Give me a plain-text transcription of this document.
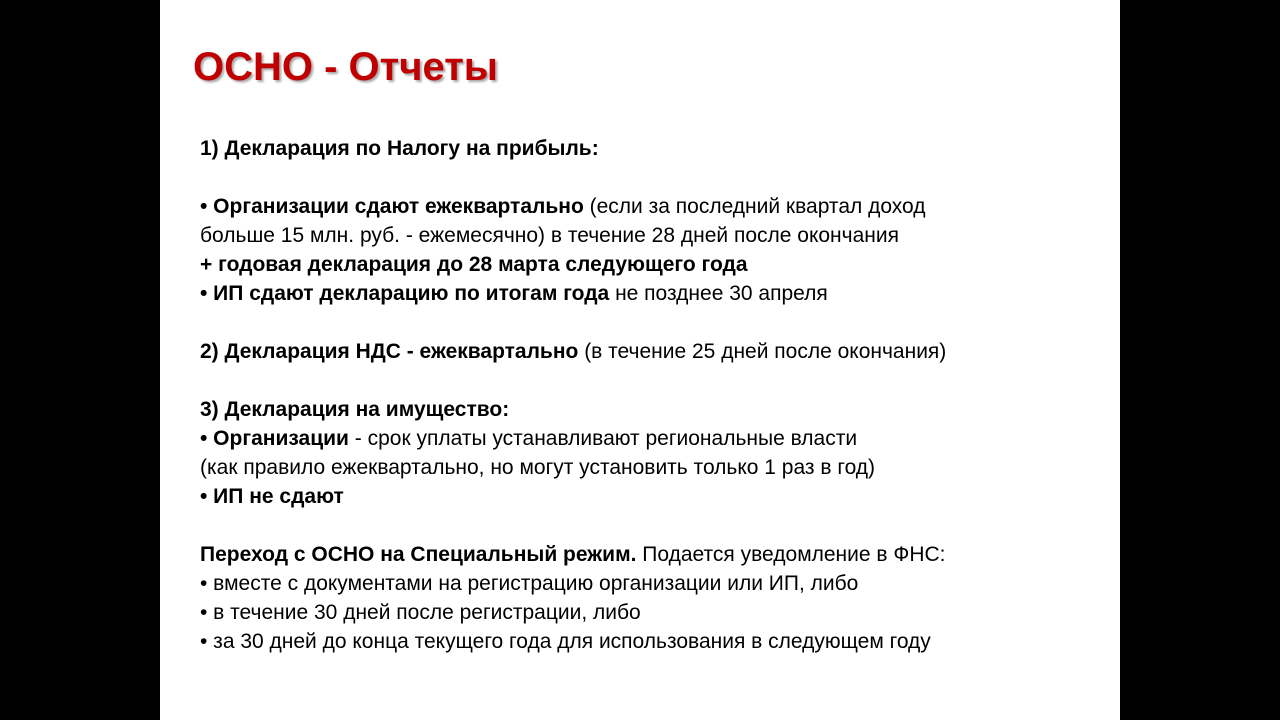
ОСНО - Отчеты
1) Декларация по Налогу на прибыль:
• Организации сдают ежеквартально (если за последний квартал доход
больше 15 млн. руб. - ежемесячно) в течение 28 дней после окончания
+ годовая декларация до 28 марта следующего года
• ИП сдают декларацию по итогам года не позднее 30 апреля
2) Декларация НДС - ежеквартально (в течение 25 дней после окончания)
3) Декларация на имущество:
• Организации - срок уплаты устанавливают региональные власти
(как правило ежеквартально, но могут установить только 1 раз в год)
• ИП не сдают
Переход с ОСНО на Специальный режим. Подается уведомление в ФНС:
• вместе с документами на регистрацию организации или ИП, либо
• в течение 30 дней после регистрации, либо
• за 30 дней до конца текущего года для использования в следующем году
